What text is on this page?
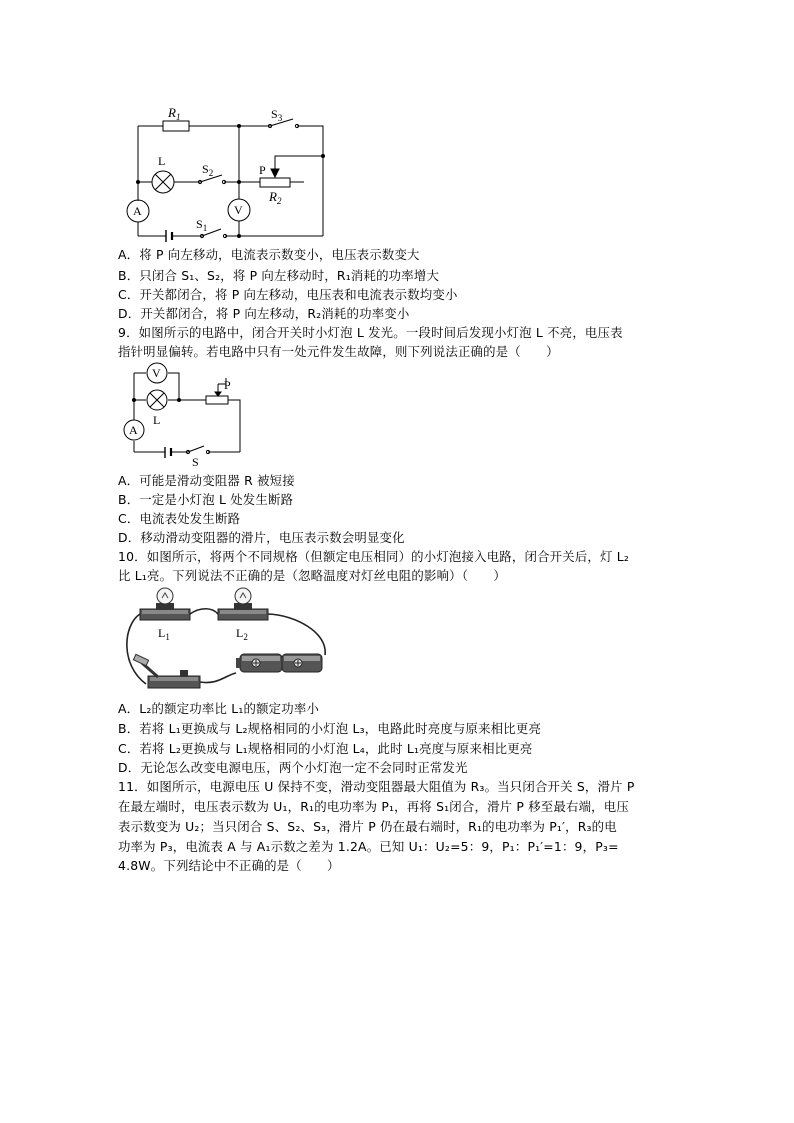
$R_1$	$S_3$
L
$S_2$	P
$R_2$
A	V
$S_1$
A．将 P 向左移动，电流表示数变小，电压表示数变大
B．只闭合 S₁、S₂，将 P 向左移动时，R₁消耗的功率增大
C．开关都闭合，将 P 向左移动，电压表和电流表示数均变小
D．开关都闭合，将 P 向左移动，R₂消耗的功率变小
9．如图所示的电路中，闭合开关时小灯泡 L 发光。一段时间后发现小灯泡 L 不亮，电压表
指针明显偏转。若电路中只有一处元件发生故障，则下列说法正确的是（　　）
V
P
L
A
S
A．可能是滑动变阻器 R 被短接
B．一定是小灯泡 L 处发生断路
C．电流表处发生断路
D．移动滑动变阻器的滑片，电压表示数会明显变化
10．如图所示，将两个不同规格（但额定电压相同）的小灯泡接入电路，闭合开关后，灯 L₂
比 L₁亮。下列说法不正确的是（忽略温度对灯丝电阻的影响）（　　）
$L_1$	$L_2$
A．L₂的额定功率比 L₁的额定功率小
B．若将 L₁更换成与 L₂规格相同的小灯泡 L₃，电路此时亮度与原来相比更亮
C．若将 L₂更换成与 L₁规格相同的小灯泡 L₄，此时 L₁亮度与原来相比更亮
D．无论怎么改变电源电压，两个小灯泡一定不会同时正常发光
11．如图所示，电源电压 U 保持不变，滑动变阻器最大阻值为 R₃。当只闭合开关 S，滑片 P
在最左端时，电压表示数为 U₁，R₁的电功率为 P₁，再将 S₁闭合，滑片 P 移至最右端，电压
表示数变为 U₂；当只闭合 S、S₂、S₃，滑片 P 仍在最右端时，R₁的电功率为 P₁′，R₃的电
功率为 P₃，电流表 A 与 A₁示数之差为 1.2A。已知 U₁：U₂=5：9，P₁：P₁′=1：9，P₃=
4.8W。下列结论中不正确的是（　　）
